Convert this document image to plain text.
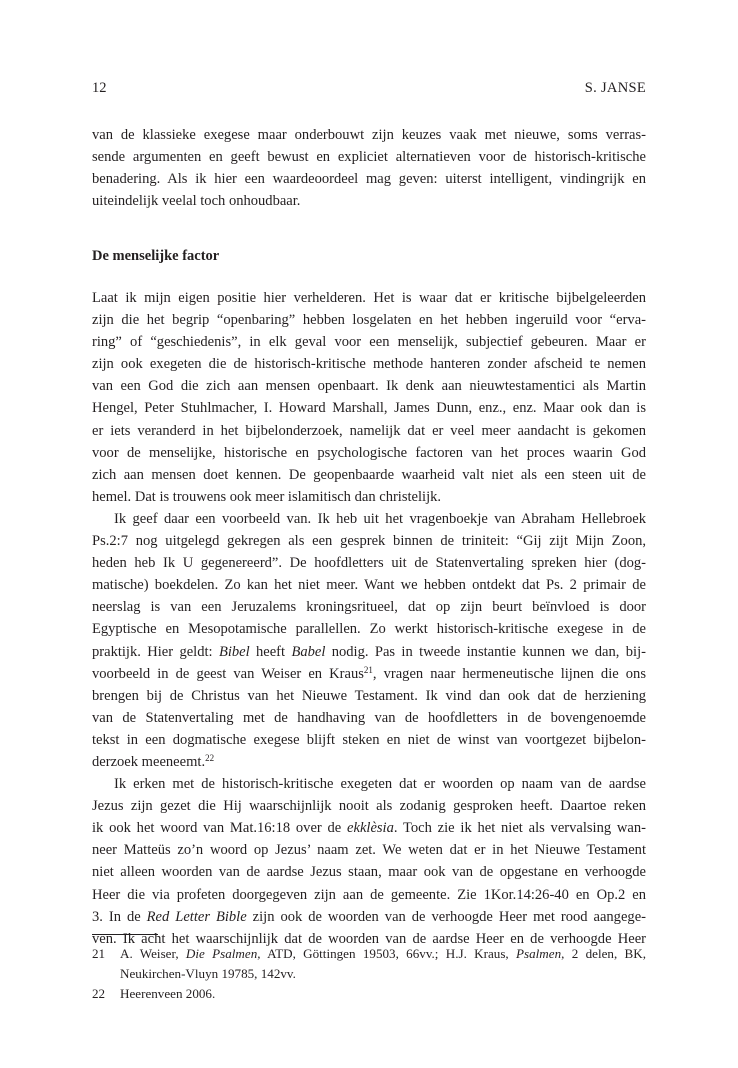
12	S. JANSE
van de klassieke exegese maar onderbouwt zijn keuzes vaak met nieuwe, soms verras-
sende argumenten en geeft bewust en expliciet alternatieven voor de historisch-kritische
benadering. Als ik hier een waardeoordeel mag geven: uiterst intelligent, vindingrijk en
uiteindelijk veelal toch onhoudbaar.
De menselijke factor
Laat ik mijn eigen positie hier verhelderen. Het is waar dat er kritische bijbelgeleerden
zijn die het begrip “openbaring” hebben losgelaten en het hebben ingeruild voor “erva-
ring” of “geschiedenis”, in elk geval voor een menselijk, subjectief gebeuren. Maar er
zijn ook exegeten die de historisch-kritische methode hanteren zonder afscheid te nemen
van een God die zich aan mensen openbaart. Ik denk aan nieuwtestamentici als Martin
Hengel, Peter Stuhlmacher, I. Howard Marshall, James Dunn, enz., enz. Maar ook dan is
er iets veranderd in het bijbelonderzoek, namelijk dat er veel meer aandacht is gekomen
voor de menselijke, historische en psychologische factoren van het proces waarin God
zich aan mensen doet kennen. De geopenbaarde waarheid valt niet als een steen uit de
hemel. Dat is trouwens ook meer islamitisch dan christelijk.
Ik geef daar een voorbeeld van. Ik heb uit het vragenboekje van Abraham Hellebroek
Ps.2:7 nog uitgelegd gekregen als een gesprek binnen de triniteit: “Gij zijt Mijn Zoon,
heden heb Ik U gegenereerd”. De hoofdletters uit de Statenvertaling spreken hier (dog-
matische) boekdelen. Zo kan het niet meer. Want we hebben ontdekt dat Ps. 2 primair de
neerslag is van een Jeruzalems kroningsritueel, dat op zijn beurt beïnvloed is door
Egyptische en Mesopotamische parallellen. Zo werkt historisch-kritische exegese in de
praktijk. Hier geldt: Bibel heeft Babel nodig. Pas in tweede instantie kunnen we dan, bij-
voorbeeld in de geest van Weiser en Kraus$^{21}$, vragen naar hermeneutische lijnen die ons
brengen bij de Christus van het Nieuwe Testament. Ik vind dan ook dat de herziening
van de Statenvertaling met de handhaving van de hoofdletters in de bovengenoemde
tekst in een dogmatische exegese blijft steken en niet de winst van voortgezet bijbelon-
derzoek meeneemt.$^{22}$
Ik erken met de historisch-kritische exegeten dat er woorden op naam van de aardse
Jezus zijn gezet die Hij waarschijnlijk nooit als zodanig gesproken heeft. Daartoe reken
ik ook het woord van Mat.16:18 over de ekklèsia. Toch zie ik het niet als vervalsing wan-
neer Matteüs zo’n woord op Jezus’ naam zet. We weten dat er in het Nieuwe Testament
niet alleen woorden van de aardse Jezus staan, maar ook van de opgestane en verhoogde
Heer die via profeten doorgegeven zijn aan de gemeente. Zie 1Kor.14:26-40 en Op.2 en
3. In de Red Letter Bible zijn ook de woorden van de verhoogde Heer met rood aangege-
ven. Ik acht het waarschijnlijk dat de woorden van de aardse Heer en de verhoogde Heer
21 A. Weiser, Die Psalmen, ATD, Göttingen 19503, 66vv.; H.J. Kraus, Psalmen, 2 delen, BK,
Neukirchen-Vluyn 19785, 142vv.
22 Heerenveen 2006.
